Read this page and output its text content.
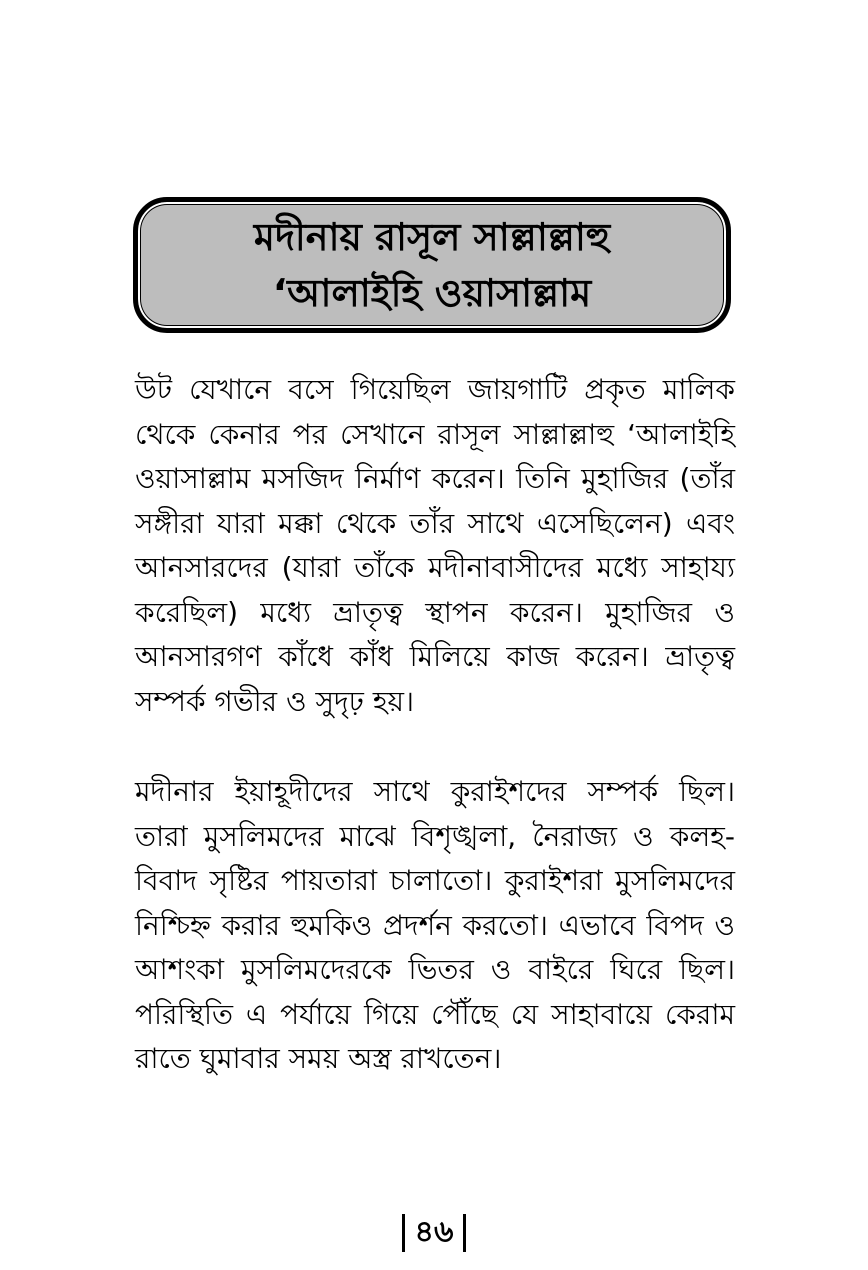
মদীনায় রাসূল সাল্লাল্লাহু
‘আলাইহি ওয়াসাল্লাম

উট যেখানে বসে গিয়েছিল জায়গাটি প্রকৃত মালিক থেকে কেনার পর সেখানে রাসূল সাল্লাল্লাহু ‘আলাইহি ওয়াসাল্লাম মসজিদ নির্মাণ করেন। তিনি মুহাজির (তাঁর সঙ্গীরা যারা মক্কা থেকে তাঁর সাথে এসেছিলেন) এবং আনসারদের (যারা তাঁকে মদীনাবাসীদের মধ্যে সাহায্য করেছিল) মধ্যে ভ্রাতৃত্ব স্থাপন করেন। মুহাজির ও আনসারগণ কাঁধে কাঁধ মিলিয়ে কাজ করেন। ভ্রাতৃত্ব সম্পর্ক গভীর ও সুদৃঢ় হয়।

মদীনার ইয়াহূদীদের সাথে কুরাইশদের সম্পর্ক ছিল। তারা মুসলিমদের মাঝে বিশৃঙ্খলা, নৈরাজ্য ও কলহ-বিবাদ সৃষ্টির পায়তারা চালাতো। কুরাইশরা মুসলিমদের নিশ্চিহ্ন করার হুমকিও প্রদর্শন করতো। এভাবে বিপদ ও আশংকা মুসলিমদেরকে ভিতর ও বাইরে ঘিরে ছিল। পরিস্থিতি এ পর্যায়ে গিয়ে পৌঁছে যে সাহাবায়ে কেরাম রাতে ঘুমাবার সময় অস্ত্র রাখতেন।

৪৬
